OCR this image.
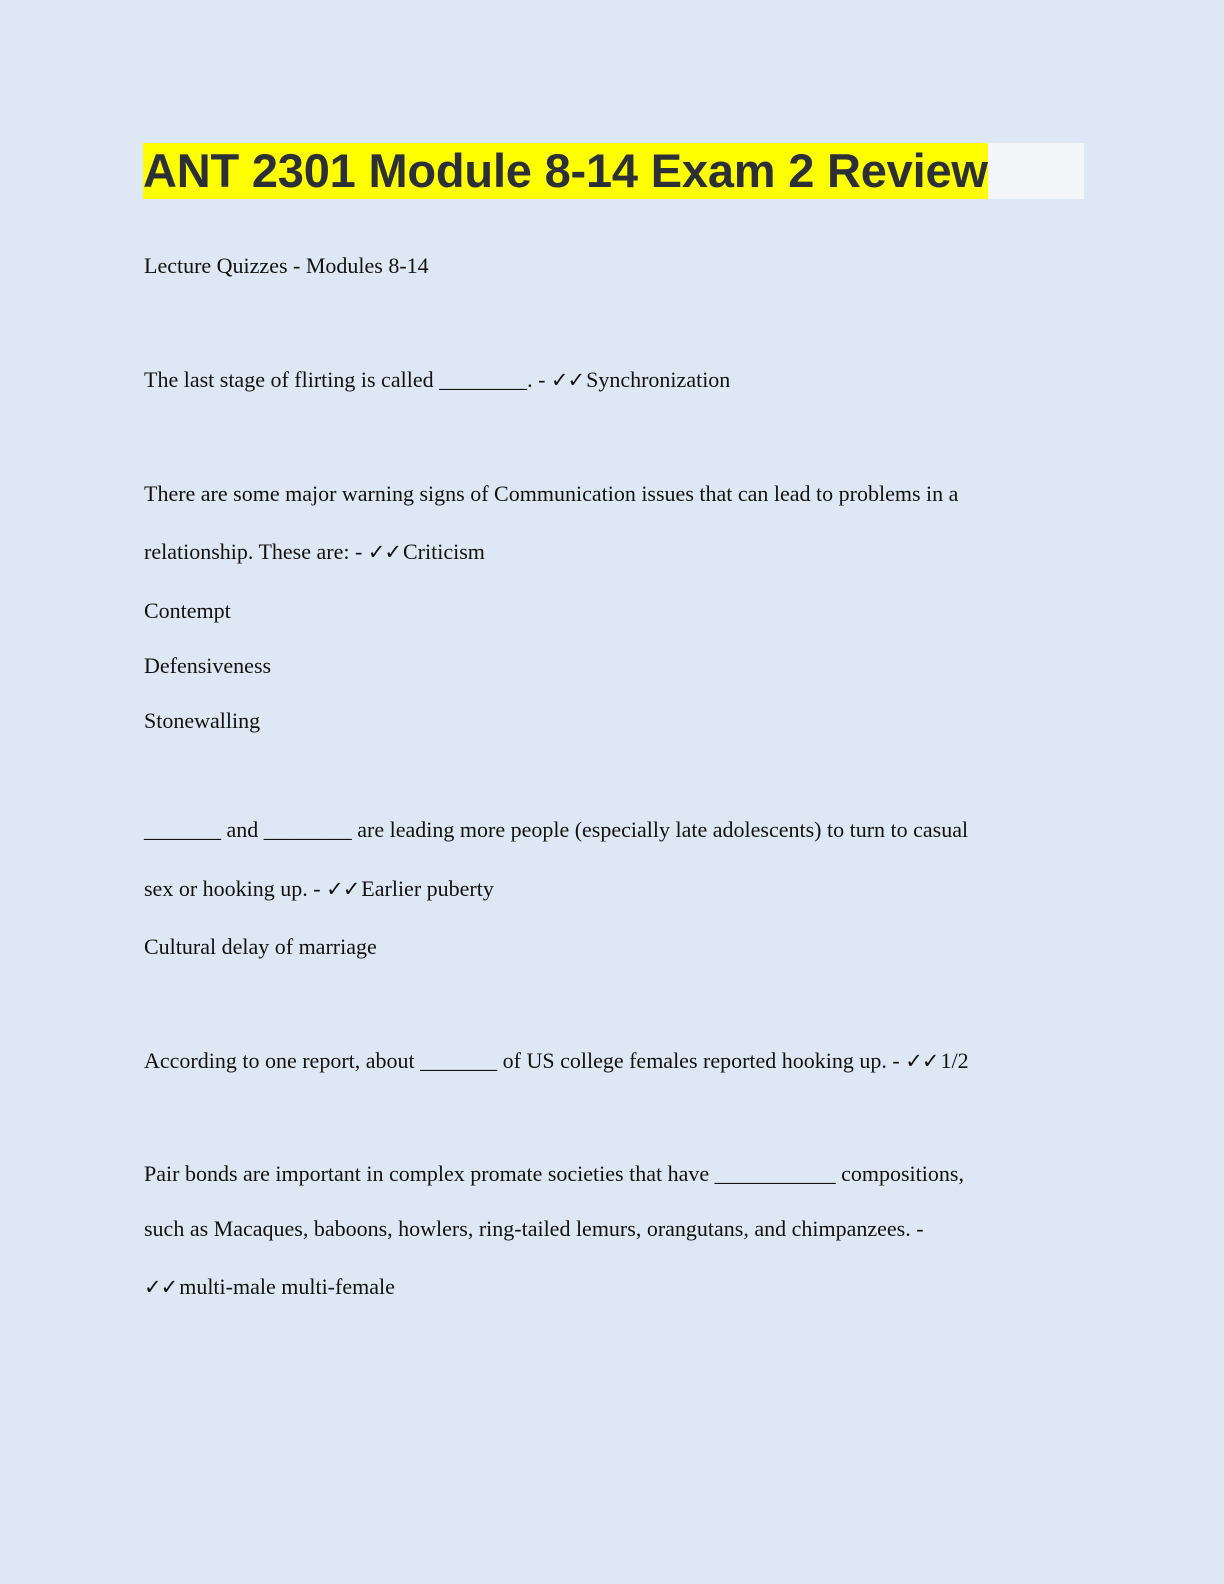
ANT 2301 Module 8-14 Exam 2 Review

Lecture Quizzes - Modules 8-14

The last stage of flirting is called ________. - ✓✓Synchronization

There are some major warning signs of Communication issues that can lead to problems in a

relationship. These are: - ✓✓Criticism

Contempt

Defensiveness

Stonewalling

_______ and ________ are leading more people (especially late adolescents) to turn to casual

sex or hooking up. - ✓✓Earlier puberty

Cultural delay of marriage

According to one report, about _______ of US college females reported hooking up. - ✓✓1/2

Pair bonds are important in complex promate societies that have ___________ compositions,

such as Macaques, baboons, howlers, ring-tailed lemurs, orangutans, and chimpanzees. -

✓✓multi-male multi-female
